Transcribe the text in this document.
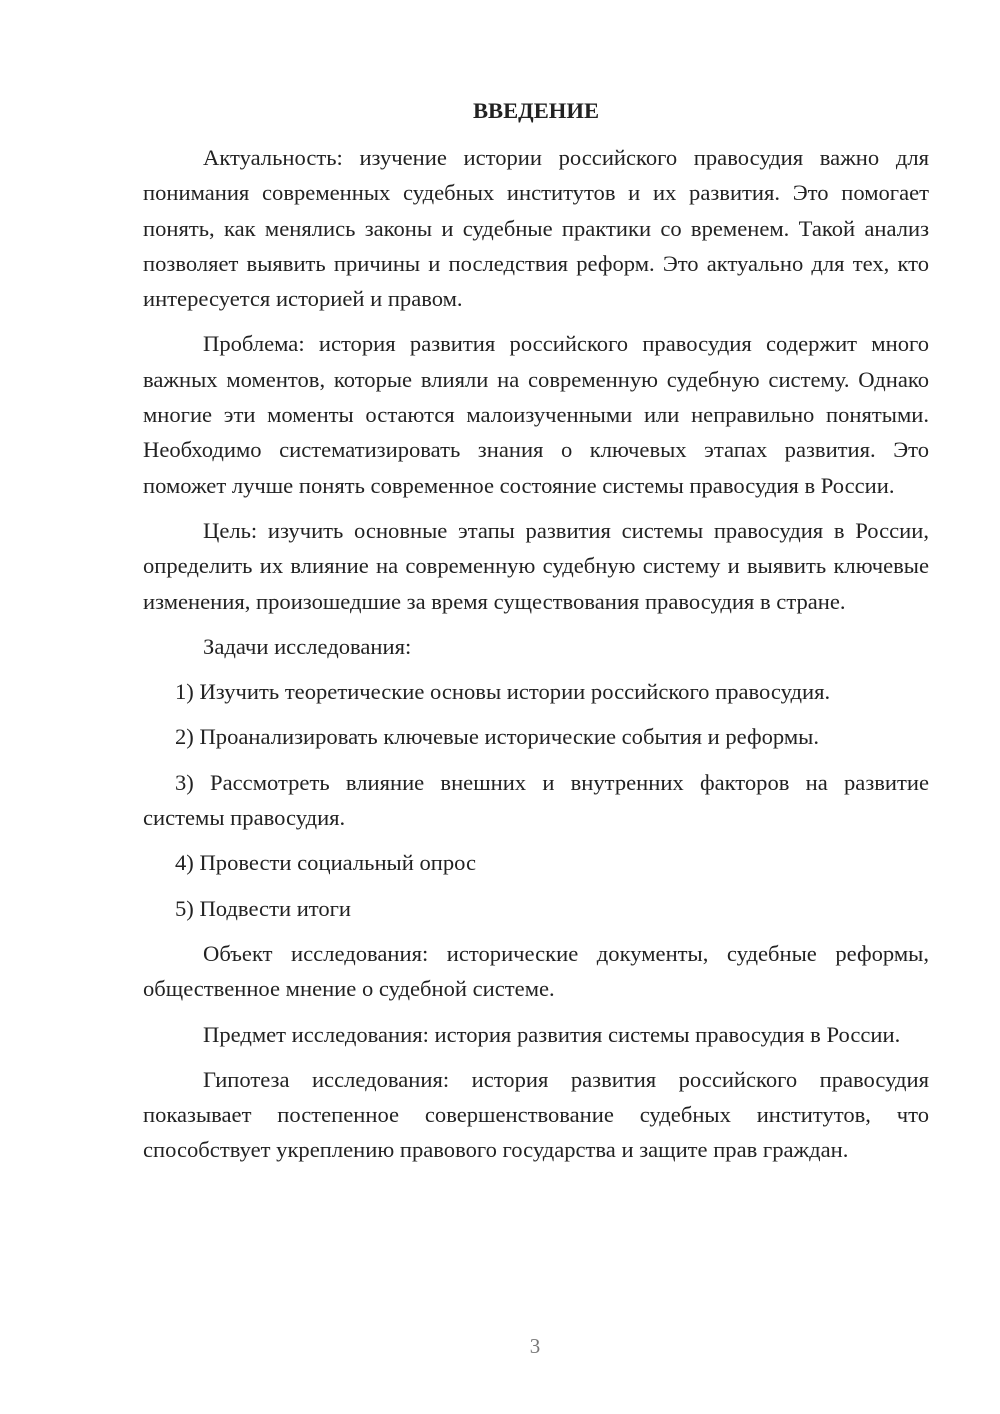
ВВЕДЕНИЕ

Актуальность: изучение истории российского правосудия важно для понимания современных судебных институтов и их развития. Это помогает понять, как менялись законы и судебные практики со временем. Такой анализ позволяет выявить причины и последствия реформ. Это актуально для тех, кто интересуется историей и правом.

Проблема: история развития российского правосудия содержит много важных моментов, которые влияли на современную судебную систему. Однако многие эти моменты остаются малоизученными или неправильно понятыми. Необходимо систематизировать знания о ключевых этапах развития. Это поможет лучше понять современное состояние системы правосудия в России.

Цель: изучить основные этапы развития системы правосудия в России, определить их влияние на современную судебную систему и выявить ключевые изменения, произошедшие за время существования правосудия в стране.

Задачи исследования:

1) Изучить теоретические основы истории российского правосудия.

2) Проанализировать ключевые исторические события и реформы.

3) Рассмотреть влияние внешних и внутренних факторов на развитие системы правосудия.

4) Провести социальный опрос

5) Подвести итоги

Объект исследования: исторические документы, судебные реформы, общественное мнение о судебной системе.

Предмет исследования: история развития системы правосудия в России.

Гипотеза исследования: история развития российского правосудия показывает постепенное совершенствование судебных институтов, что способствует укреплению правового государства и защите прав граждан.

3
